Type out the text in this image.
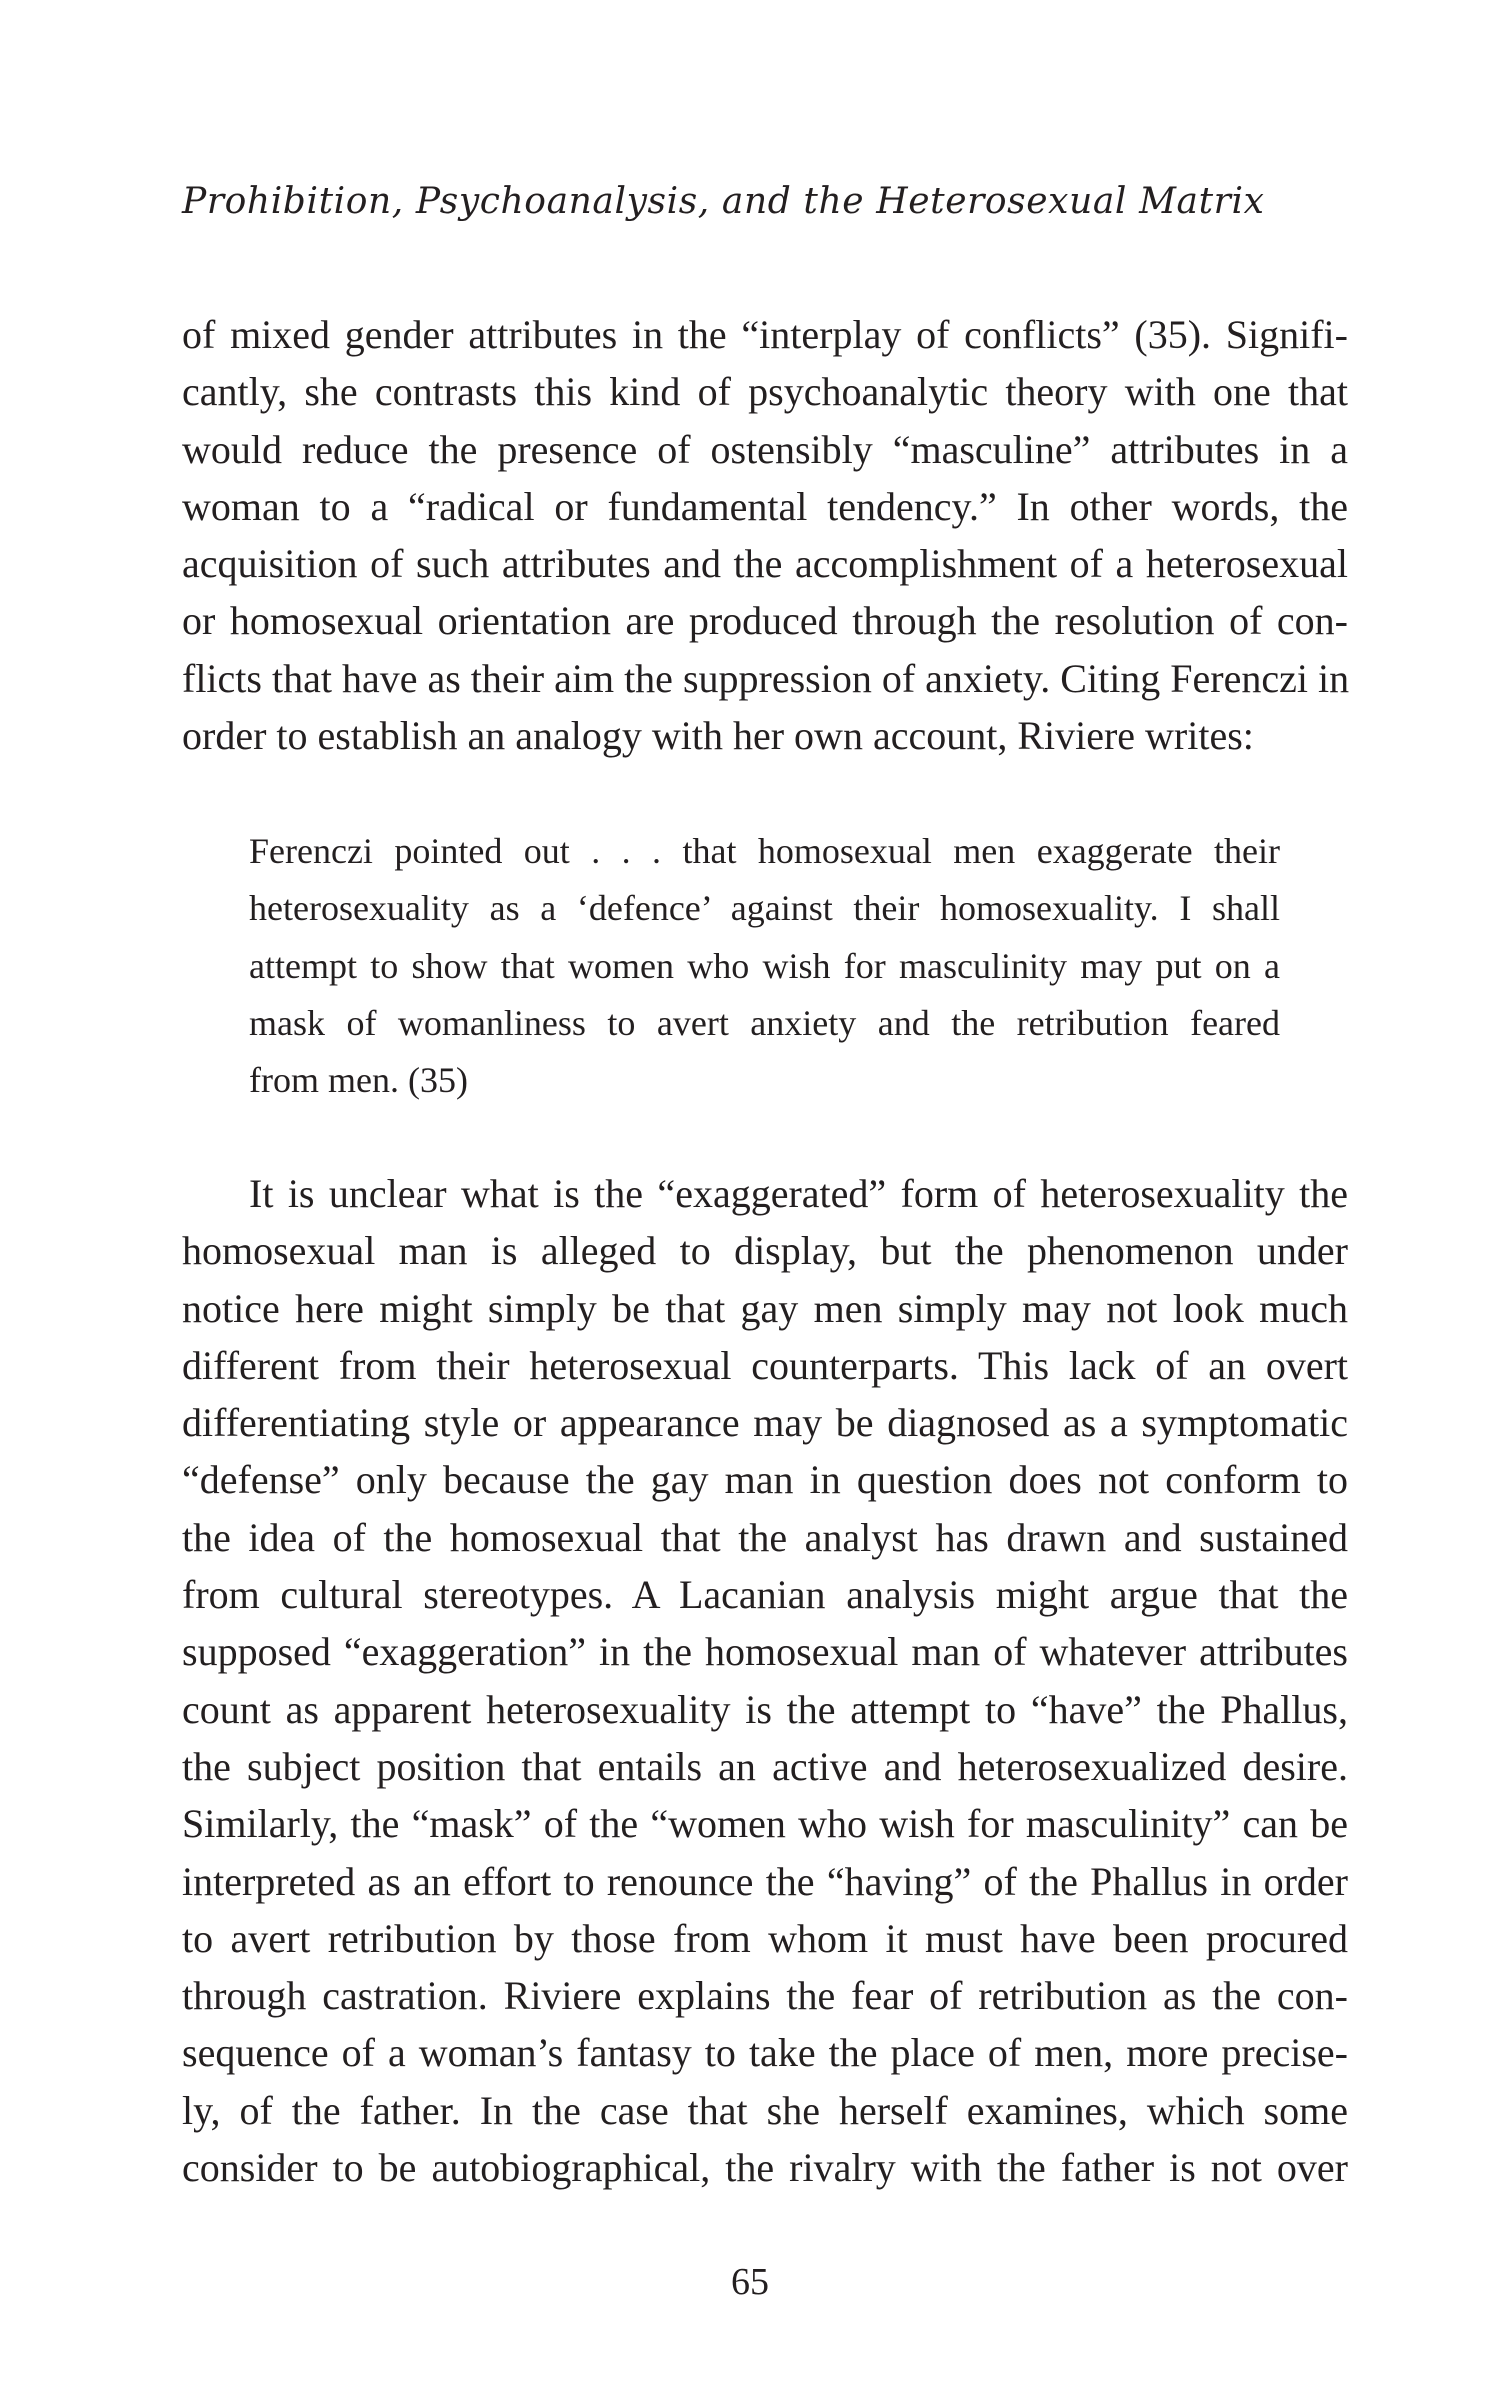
Prohibition, Psychoanalysis, and the Heterosexual Matrix
of mixed gender attributes in the “interplay of conflicts” (35). Signifi-
cantly, she contrasts this kind of psychoanalytic theory with one that
would reduce the presence of ostensibly “masculine” attributes in a
woman to a “radical or fundamental tendency.” In other words, the
acquisition of such attributes and the accomplishment of a heterosexual
or homosexual orientation are produced through the resolution of con-
flicts that have as their aim the suppression of anxiety. Citing Ferenczi in
order to establish an analogy with her own account, Riviere writes:
Ferenczi pointed out . . . that homosexual men exaggerate their
heterosexuality as a ‘defence’ against their homosexuality. I shall
attempt to show that women who wish for masculinity may put on a
mask of womanliness to avert anxiety and the retribution feared
from men. (35)
It is unclear what is the “exaggerated” form of heterosexuality the
homosexual man is alleged to display, but the phenomenon under
notice here might simply be that gay men simply may not look much
different from their heterosexual counterparts. This lack of an overt
differentiating style or appearance may be diagnosed as a symptomatic
“defense” only because the gay man in question does not conform to
the idea of the homosexual that the analyst has drawn and sustained
from cultural stereotypes. A Lacanian analysis might argue that the
supposed “exaggeration” in the homosexual man of whatever attributes
count as apparent heterosexuality is the attempt to “have” the Phallus,
the subject position that entails an active and heterosexualized desire.
Similarly, the “mask” of the “women who wish for masculinity” can be
interpreted as an effort to renounce the “having” of the Phallus in order
to avert retribution by those from whom it must have been procured
through castration. Riviere explains the fear of retribution as the con-
sequence of a woman’s fantasy to take the place of men, more precise-
ly, of the father. In the case that she herself examines, which some
consider to be autobiographical, the rivalry with the father is not over
65
